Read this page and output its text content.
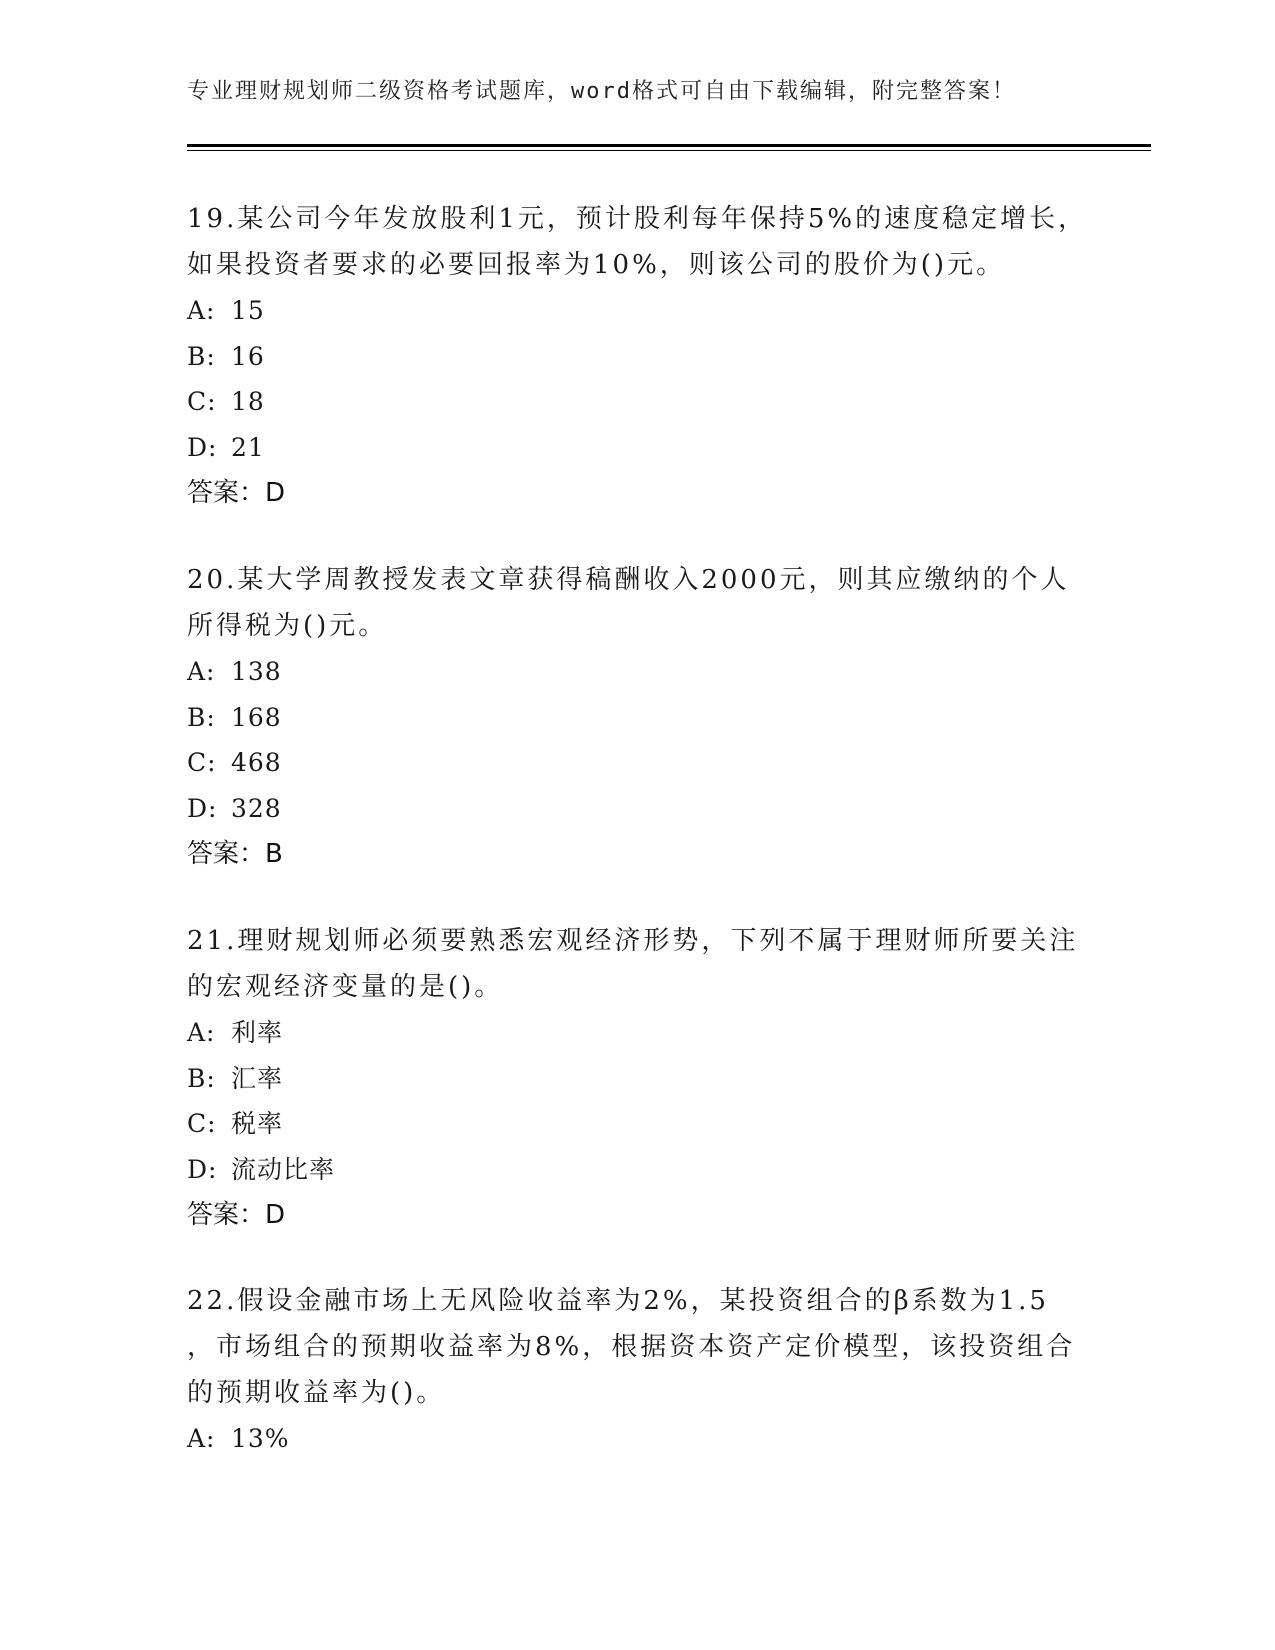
专业理财规划师二级资格考试题库，word格式可自由下载编辑，附完整答案！

19.某公司今年发放股利1元，预计股利每年保持5%的速度稳定增长，

如果投资者要求的必要回报率为10%，则该公司的股价为()元。

A: 15

B: 16

C: 18

D: 21

答案：D

20.某大学周教授发表文章获得稿酬收入2000元，则其应缴纳的个人

所得税为()元。

A: 138

B: 168

C: 468

D: 328

答案：B

21.理财规划师必须要熟悉宏观经济形势，下列不属于理财师所要关注

的宏观经济变量的是()。

A: 利率

B: 汇率

C: 税率

D: 流动比率

答案：D

22.假设金融市场上无风险收益率为2%，某投资组合的β系数为1.5

，市场组合的预期收益率为8%，根据资本资产定价模型，该投资组合

的预期收益率为()。

A: 13%
